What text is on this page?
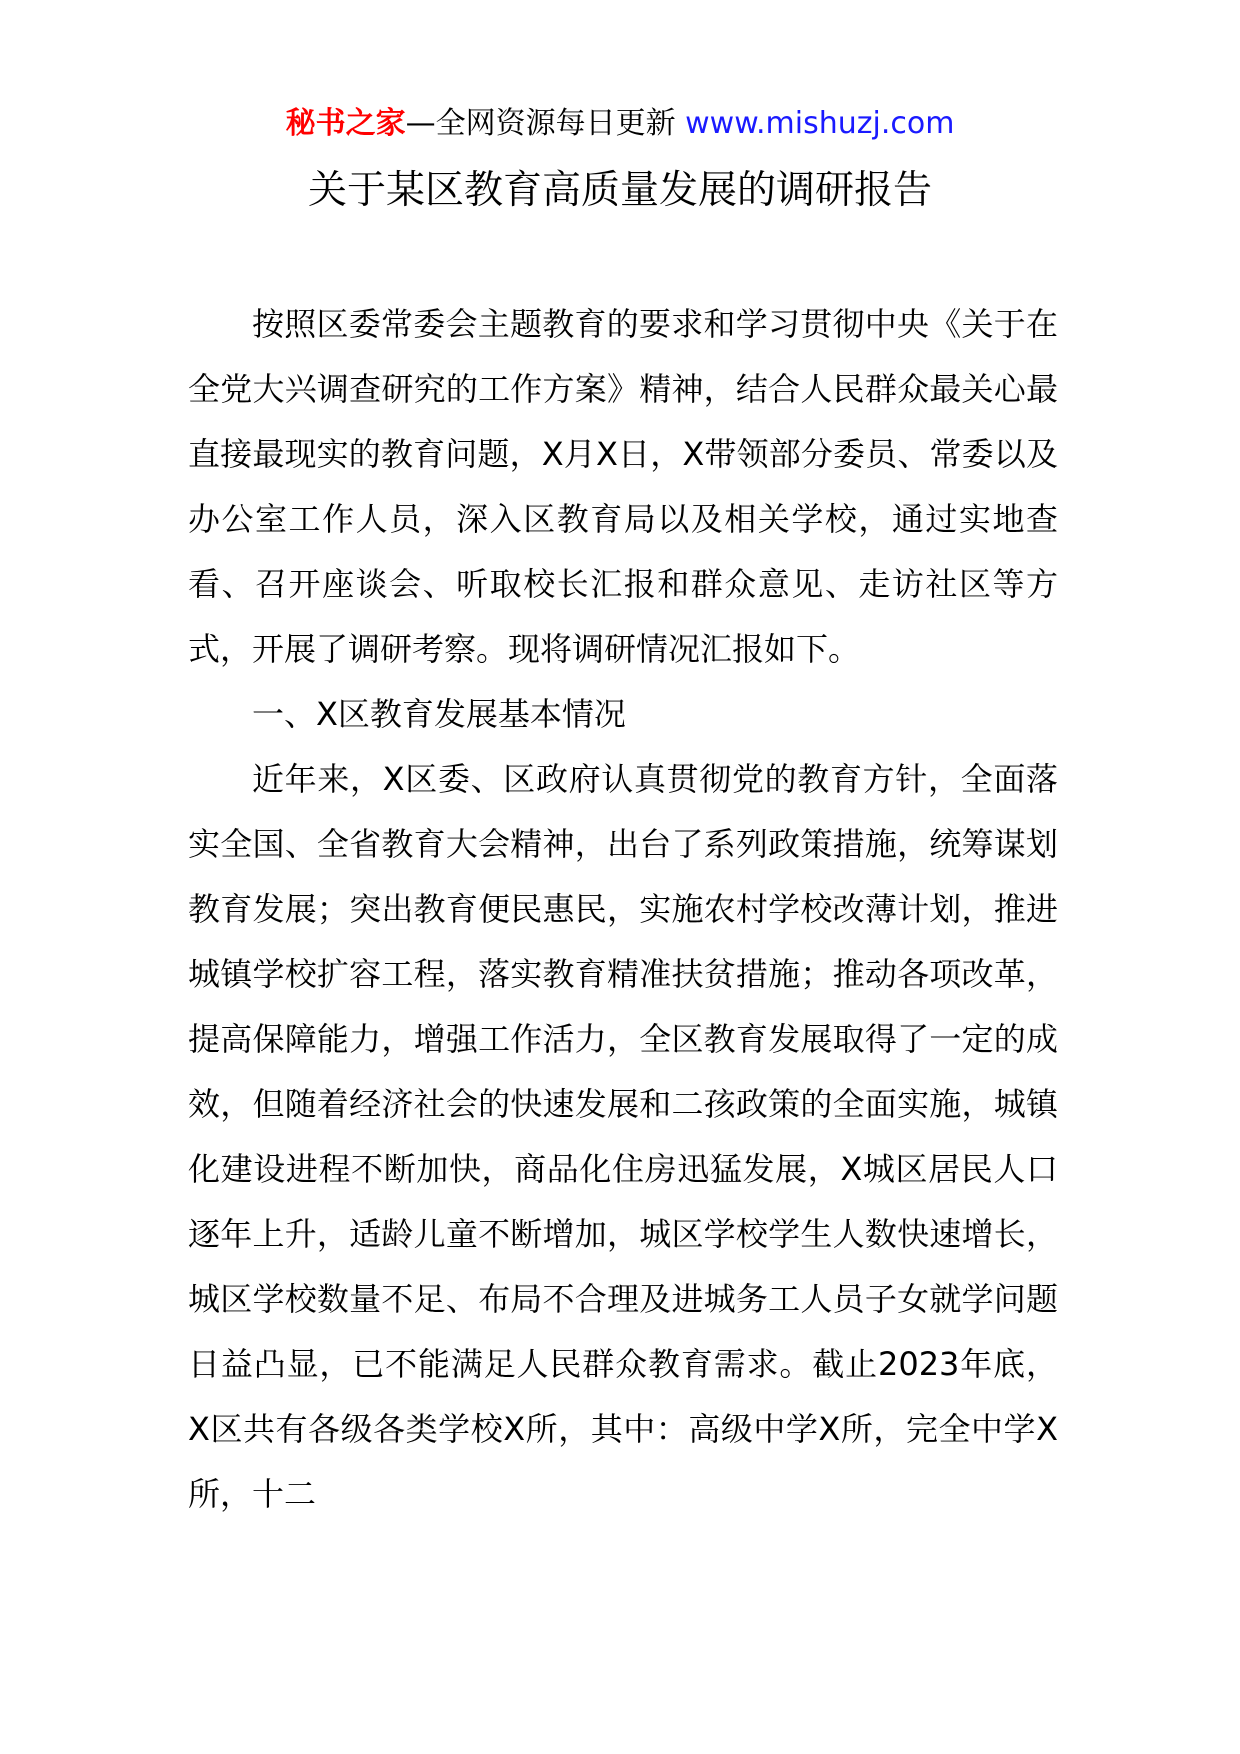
秘书之家—全网资源每日更新 www.mishuzj.com
关于某区教育高质量发展的调研报告

按照区委常委会主题教育的要求和学习贯彻中央《关于在全党大兴调查研究的工作方案》精神，结合人民群众最关心最直接最现实的教育问题，X月X日，X带领部分委员、常委以及办公室工作人员，深入区教育局以及相关学校，通过实地查看、召开座谈会、听取校长汇报和群众意见、走访社区等方式，开展了调研考察。现将调研情况汇报如下。

一、X区教育发展基本情况

近年来，X区委、区政府认真贯彻党的教育方针，全面落实全国、全省教育大会精神，出台了系列政策措施，统筹谋划教育发展；突出教育便民惠民，实施农村学校改薄计划，推进城镇学校扩容工程，落实教育精准扶贫措施；推动各项改革，提高保障能力，增强工作活力，全区教育发展取得了一定的成效，但随着经济社会的快速发展和二孩政策的全面实施，城镇化建设进程不断加快，商品化住房迅猛发展，X城区居民人口逐年上升，适龄儿童不断增加，城区学校学生人数快速增长，城区学校数量不足、布局不合理及进城务工人员子女就学问题日益凸显，已不能满足人民群众教育需求。截止2023年底，X区共有各级各类学校X所，其中：高级中学X所，完全中学X所，十二
